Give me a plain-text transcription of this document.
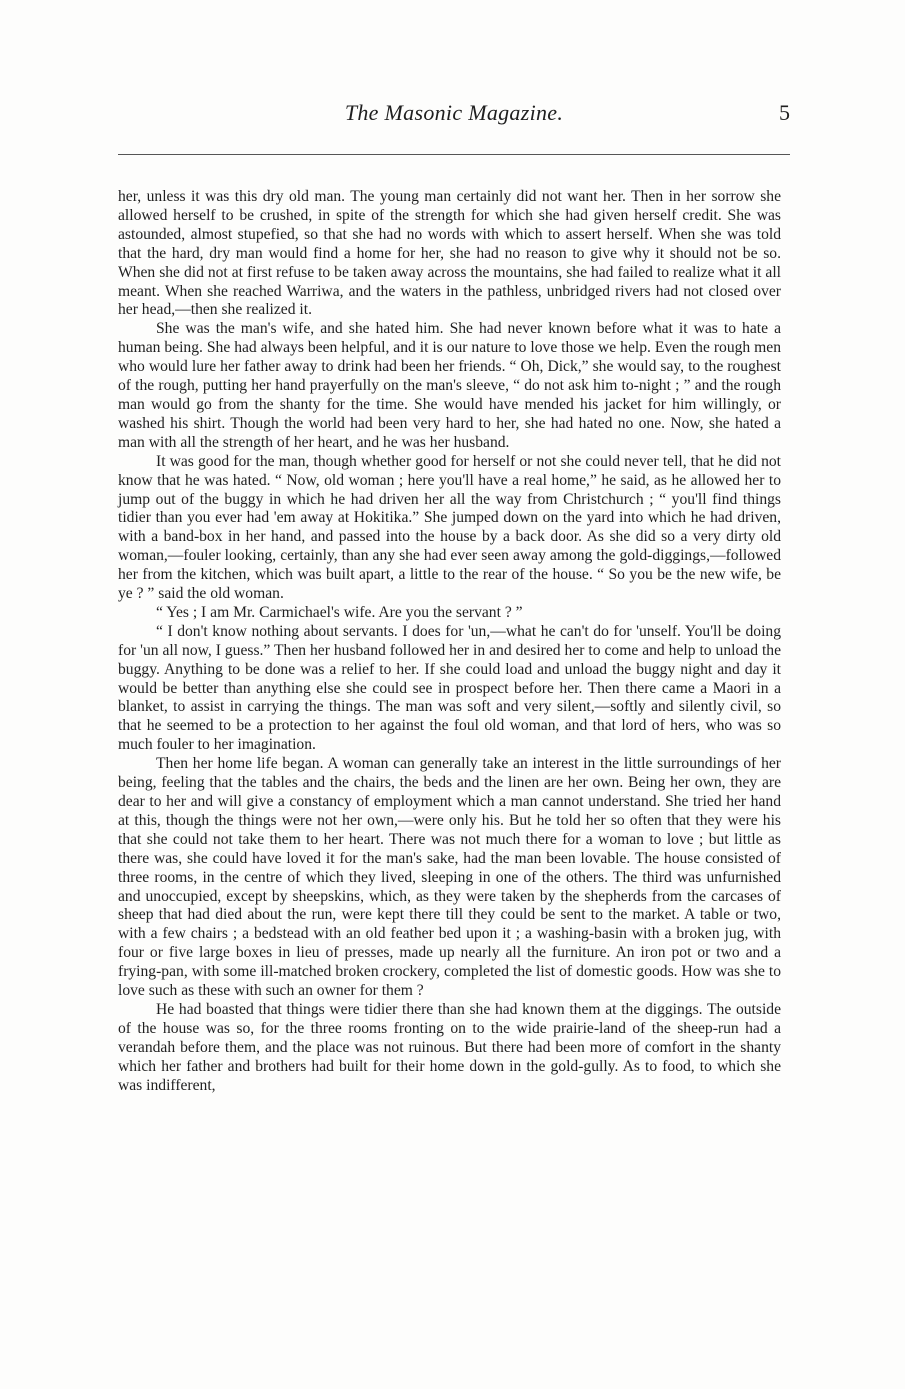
The Masonic Magazine.	5

her, unless it was this dry old man. The young man certainly did not want her. Then in her sorrow she allowed herself to be crushed, in spite of the strength for which she had given herself credit. She was astounded, almost stupefied, so that she had no words with which to assert herself. When she was told that the hard, dry man would find a home for her, she had no reason to give why it should not be so. When she did not at first refuse to be taken away across the mountains, she had failed to realize what it all meant. When she reached Warriwa, and the waters in the pathless, unbridged rivers had not closed over her head,—then she realized it.

She was the man's wife, and she hated him. She had never known before what it was to hate a human being. She had always been helpful, and it is our nature to love those we help. Even the rough men who would lure her father away to drink had been her friends. “ Oh, Dick,” she would say, to the roughest of the rough, putting her hand prayerfully on the man's sleeve, “ do not ask him to-night ; ” and the rough man would go from the shanty for the time. She would have mended his jacket for him willingly, or washed his shirt. Though the world had been very hard to her, she had hated no one. Now, she hated a man with all the strength of her heart, and he was her husband.

It was good for the man, though whether good for herself or not she could never tell, that he did not know that he was hated. “ Now, old woman ; here you'll have a real home,” he said, as he allowed her to jump out of the buggy in which he had driven her all the way from Christchurch ; “ you'll find things tidier than you ever had 'em away at Hokitika.” She jumped down on the yard into which he had driven, with a band-box in her hand, and passed into the house by a back door. As she did so a very dirty old woman,—fouler looking, certainly, than any she had ever seen away among the gold-diggings,—followed her from the kitchen, which was built apart, a little to the rear of the house. “ So you be the new wife, be ye ? ” said the old woman.

“ Yes ; I am Mr. Carmichael's wife. Are you the servant ? ”

“ I don't know nothing about servants. I does for 'un,—what he can't do for 'unself. You'll be doing for 'un all now, I guess.” Then her husband followed her in and desired her to come and help to unload the buggy. Anything to be done was a relief to her. If she could load and unload the buggy night and day it would be better than anything else she could see in prospect before her. Then there came a Maori in a blanket, to assist in carrying the things. The man was soft and very silent,—softly and silently civil, so that he seemed to be a protection to her against the foul old woman, and that lord of hers, who was so much fouler to her imagination.

Then her home life began. A woman can generally take an interest in the little surroundings of her being, feeling that the tables and the chairs, the beds and the linen are her own. Being her own, they are dear to her and will give a constancy of employment which a man cannot understand. She tried her hand at this, though the things were not her own,—were only his. But he told her so often that they were his that she could not take them to her heart. There was not much there for a woman to love ; but little as there was, she could have loved it for the man's sake, had the man been lovable. The house consisted of three rooms, in the centre of which they lived, sleeping in one of the others. The third was unfurnished and unoccupied, except by sheepskins, which, as they were taken by the shepherds from the carcases of sheep that had died about the run, were kept there till they could be sent to the market. A table or two, with a few chairs ; a bedstead with an old feather bed upon it ; a washing-basin with a broken jug, with four or five large boxes in lieu of presses, made up nearly all the furniture. An iron pot or two and a frying-pan, with some ill-matched broken crockery, completed the list of domestic goods. How was she to love such as these with such an owner for them ?

He had boasted that things were tidier there than she had known them at the diggings. The outside of the house was so, for the three rooms fronting on to the wide prairie-land of the sheep-run had a verandah before them, and the place was not ruinous. But there had been more of comfort in the shanty which her father and brothers had built for their home down in the gold-gully. As to food, to which she was indifferent,
